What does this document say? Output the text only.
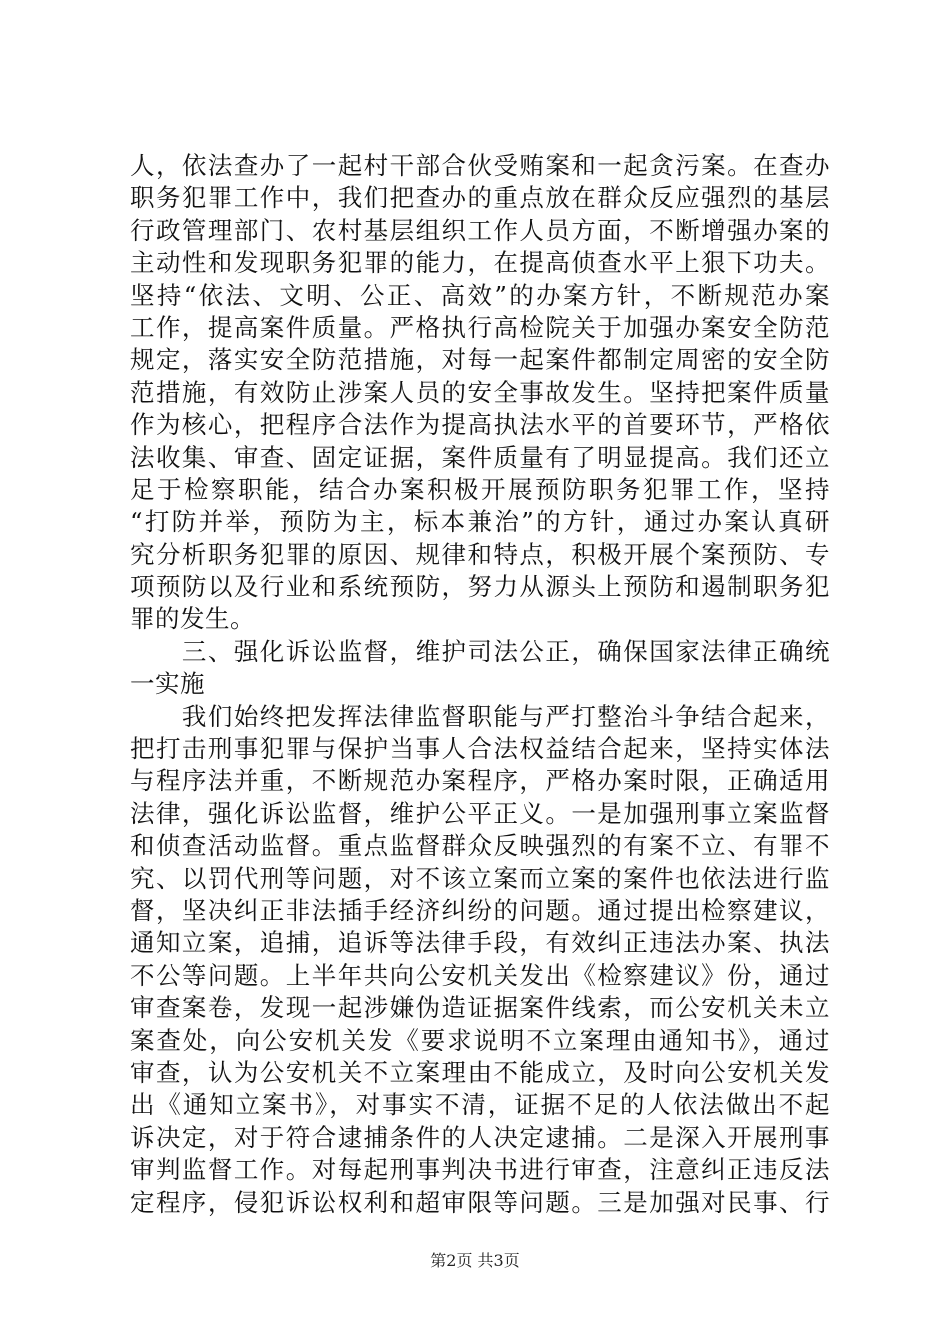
人，依法查办了一起村干部合伙受贿案和一起贪污案。在查办
职务犯罪工作中，我们把查办的重点放在群众反应强烈的基层
行政管理部门、农村基层组织工作人员方面，不断增强办案的
主动性和发现职务犯罪的能力，在提高侦查水平上狠下功夫。
坚持“依法、文明、公正、高效”的办案方针，不断规范办案
工作，提高案件质量。严格执行高检院关于加强办案安全防范
规定，落实安全防范措施，对每一起案件都制定周密的安全防
范措施，有效防止涉案人员的安全事故发生。坚持把案件质量
作为核心，把程序合法作为提高执法水平的首要环节，严格依
法收集、审查、固定证据，案件质量有了明显提高。我们还立
足于检察职能，结合办案积极开展预防职务犯罪工作，坚持
“打防并举，预防为主，标本兼治”的方针，通过办案认真研
究分析职务犯罪的原因、规律和特点，积极开展个案预防、专
项预防以及行业和系统预防，努力从源头上预防和遏制职务犯
罪的发生。
　　三、强化诉讼监督，维护司法公正，确保国家法律正确统
一实施
　　我们始终把发挥法律监督职能与严打整治斗争结合起来，
把打击刑事犯罪与保护当事人合法权益结合起来，坚持实体法
与程序法并重，不断规范办案程序，严格办案时限，正确适用
法律，强化诉讼监督，维护公平正义。一是加强刑事立案监督
和侦查活动监督。重点监督群众反映强烈的有案不立、有罪不
究、以罚代刑等问题，对不该立案而立案的案件也依法进行监
督，坚决纠正非法插手经济纠纷的问题。通过提出检察建议，
通知立案，追捕，追诉等法律手段，有效纠正违法办案、执法
不公等问题。上半年共向公安机关发出《检察建议》份，通过
审查案卷，发现一起涉嫌伪造证据案件线索，而公安机关未立
案查处，向公安机关发《要求说明不立案理由通知书》，通过
审查，认为公安机关不立案理由不能成立，及时向公安机关发
出《通知立案书》，对事实不清，证据不足的人依法做出不起
诉决定，对于符合逮捕条件的人决定逮捕。二是深入开展刑事
审判监督工作。对每起刑事判决书进行审查，注意纠正违反法
定程序，侵犯诉讼权利和超审限等问题。三是加强对民事、行
第2页 共3页
